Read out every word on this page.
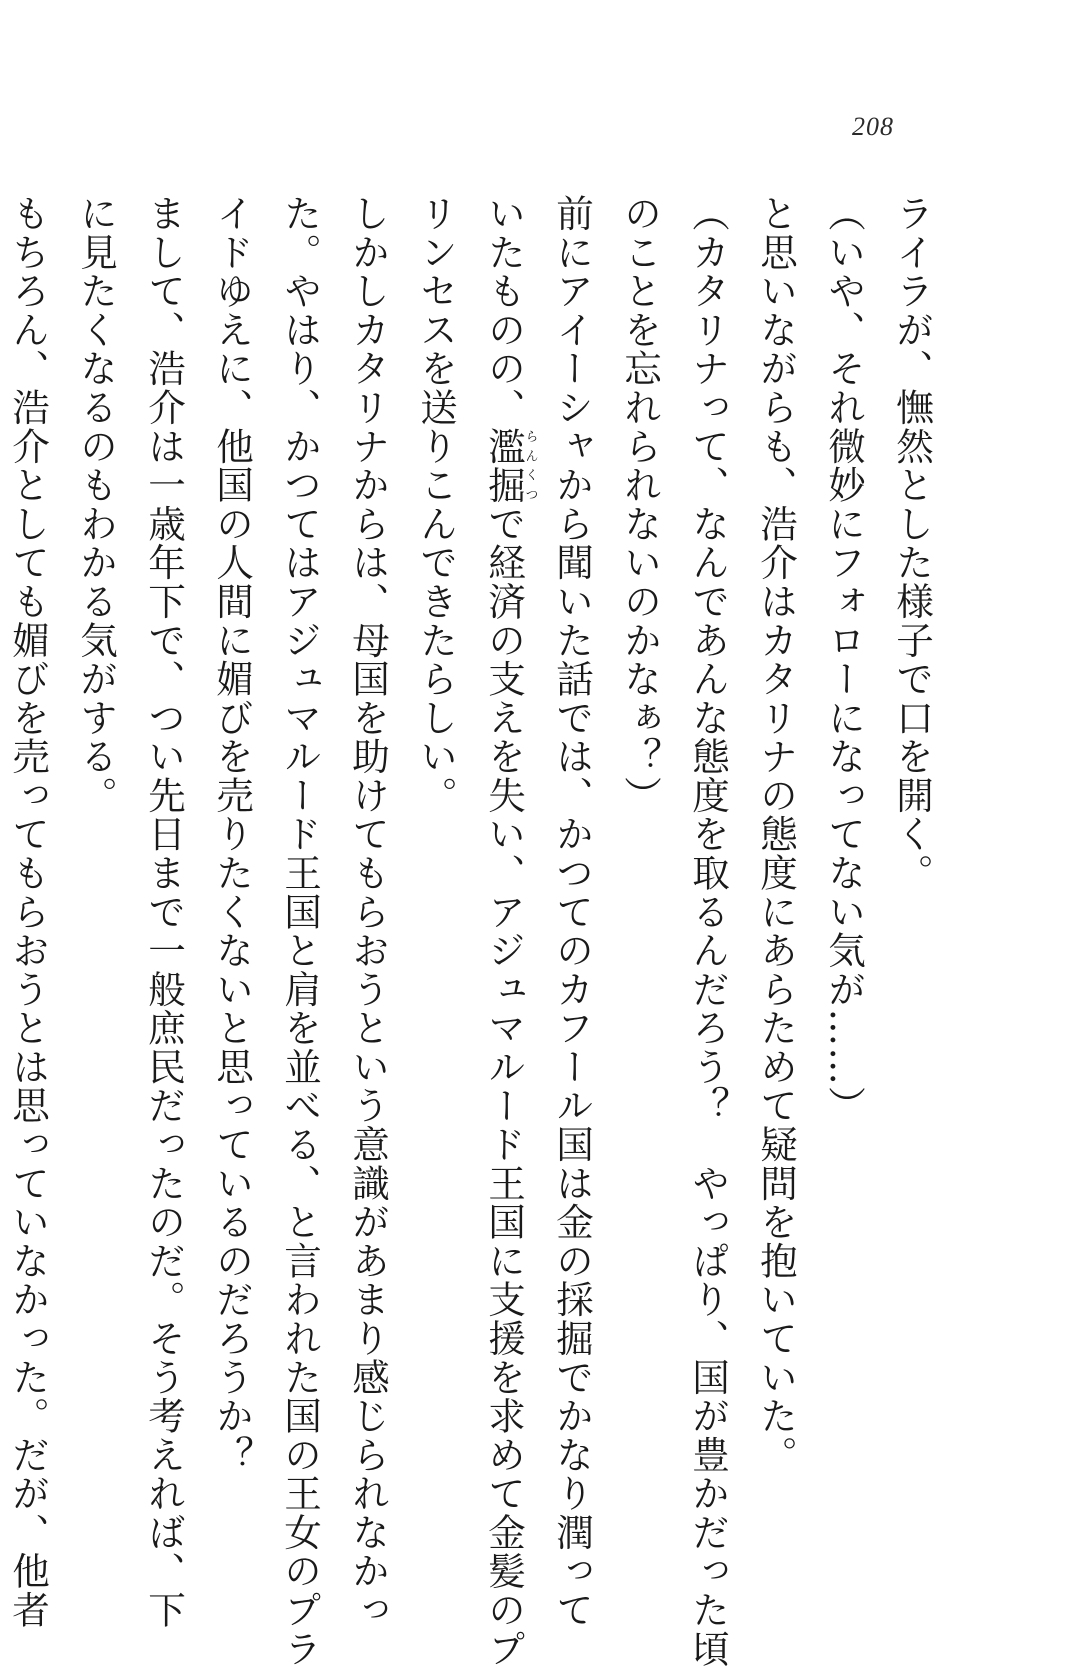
208
ライラが、憮然とした様子で口を開く。
（いや、それ微妙にフォローになってない気が……）
と思いながらも、浩介はカタリナの態度にあらためて疑問を抱いていた。
（カタリナって、なんであんな態度を取るんだろう？　やっぱり、国が豊かだった頃
のことを忘れられないのかなぁ？）
前にアイーシャから聞いた話では、かつてのカフール国は金の採掘でかなり潤って
いたものの、濫掘らんくつで経済の支えを失い、アジュマルード王国に支援を求めて金髪のプ
リンセスを送りこんできたらしい。
しかしカタリナからは、母国を助けてもらおうという意識があまり感じられなかっ
た。やはり、かつてはアジュマルード王国と肩を並べる、と言われた国の王女のプラ
イドゆえに、他国の人間に媚びを売りたくないと思っているのだろうか？
まして、浩介は一歳年下で、つい先日まで一般庶民だったのだ。そう考えれば、下
に見たくなるのもわかる気がする。
もちろん、浩介としても媚びを売ってもらおうとは思っていなかった。だが、他者
